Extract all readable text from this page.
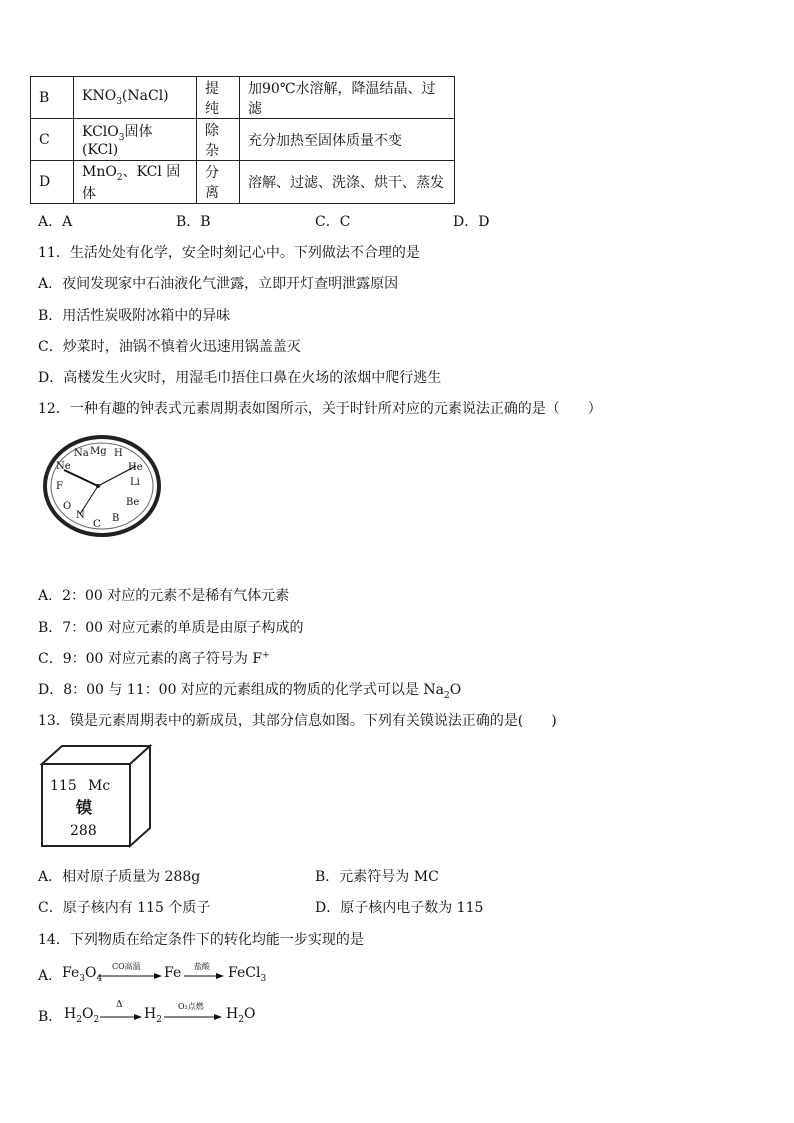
B	$KNO_3(NaCl)$	提纯	加90℃水溶解，降温结晶、过滤
C	KClO$_3$固体(KCl)	除杂	充分加热至固体质量不变
D	MnO$_2$、KCl 固体	分离	溶解、过滤、洗涤、烘干、蒸发
A．A	B．B	C．C	D．D
11．生活处处有化学，安全时刻记心中。下列做法不合理的是
A．夜间发现家中石油液化气泄露，立即开灯查明泄露原因
B．用活性炭吸附冰箱中的异味
C．炒菜时，油锅不慎着火迅速用锅盖盖灭
D．高楼发生火灾时，用湿毛巾捂住口鼻在火场的浓烟中爬行逃生
12．一种有趣的钟表式元素周期表如图所示，关于时针所对应的元素说法正确的是（　　）
H
He
Li
Be
B
C
N
O
F
Ne
Na Mg
A．2：00 对应的元素不是稀有气体元素
B．7：00 对应元素的单质是由原子构成的
C．9：00 对应元素的离子符号为 F+
D．8：00 与 11：00 对应的元素组成的物质的化学式可以是 $Na_2O$
13．镆是元素周期表中的新成员，其部分信息如图。下列有关镆说法正确的是(　　)
115 Mc
镆
288
A．相对原子质量为 288g	B．元素符号为 MC
C．原子核内有 115 个质子	D．原子核内电子数为 115
14．下列物质在给定条件下的转化均能一步实现的是
A． $Fe_3O_4$
CO高温 Fe 盐酸 FeCl$_3$
B． $H_2O_2$
Δ
$H_2$
O₂点燃 $H_2O$
